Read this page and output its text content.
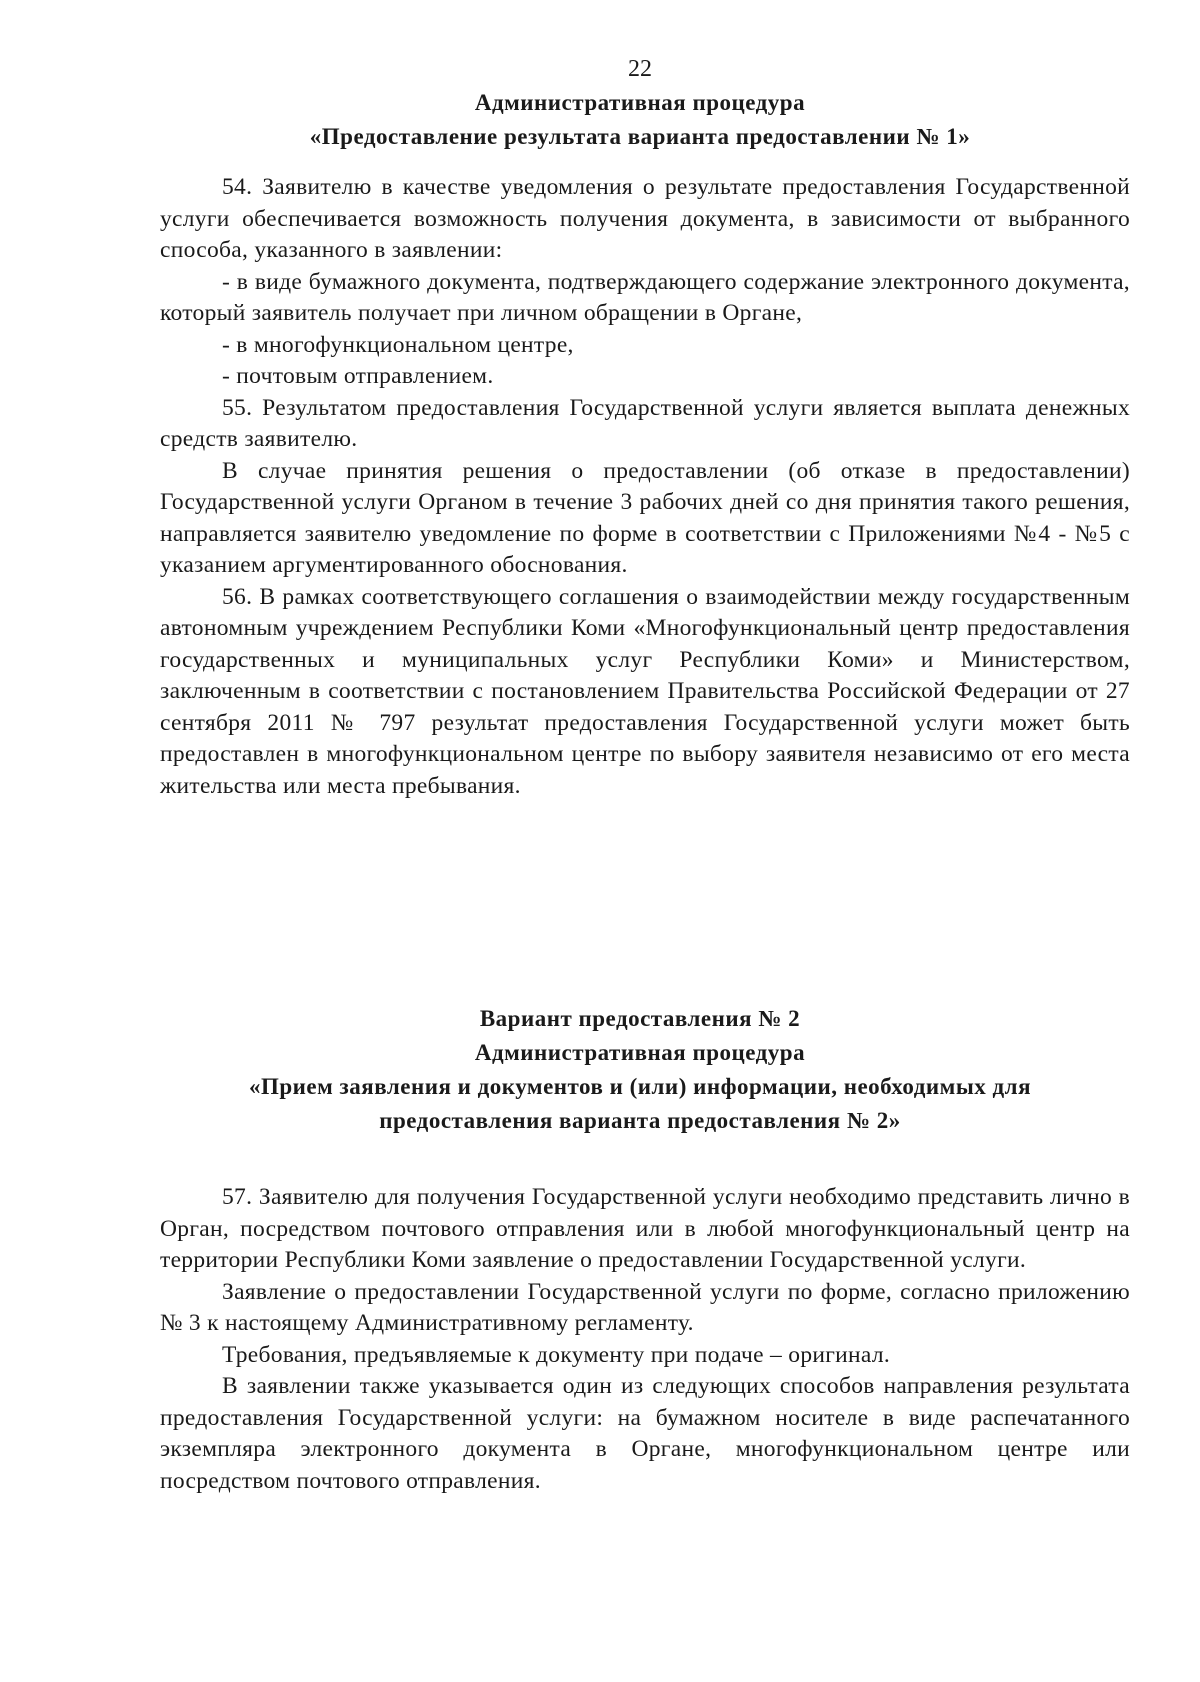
22
Административная процедура
«Предоставление результата варианта предоставлении № 1»

54. Заявителю в качестве уведомления о результате предоставления Государственной услуги обеспечивается возможность получения документа, в зависимости от выбранного способа, указанного в заявлении:

- в виде бумажного документа, подтверждающего содержание электронного документа, который заявитель получает при личном обращении в Органе,

- в многофункциональном центре,

- почтовым отправлением.

55. Результатом предоставления Государственной услуги является выплата денежных средств заявителю.

В случае принятия решения о предоставлении (об отказе в предоставлении) Государственной услуги Органом в течение 3 рабочих дней со дня принятия такого решения, направляется заявителю уведомление по форме в соответствии с Приложениями №4 - №5 с указанием аргументированного обоснования.

56. В рамках соответствующего соглашения о взаимодействии между государственным автономным учреждением Республики Коми «Многофункциональный центр предоставления государственных и муниципальных услуг Республики Коми» и Министерством, заключенным в соответствии с постановлением Правительства Российской Федерации от 27 сентября 2011 № 797 результат предоставления Государственной услуги может быть предоставлен в многофункциональном центре по выбору заявителя независимо от его места жительства или места пребывания.

Вариант предоставления № 2
Административная процедура
«Прием заявления и документов и (или) информации, необходимых для
предоставления варианта предоставления № 2»

57. Заявителю для получения Государственной услуги необходимо представить лично в Орган, посредством почтового отправления или в любой многофункциональный центр на территории Республики Коми заявление о предоставлении Государственной услуги.

Заявление о предоставлении Государственной услуги по форме, согласно приложению № 3 к настоящему Административному регламенту.

Требования, предъявляемые к документу при подаче – оригинал.

В заявлении также указывается один из следующих способов направления результата предоставления Государственной услуги: на бумажном носителе в виде распечатанного экземпляра электронного документа в Органе, многофункциональном центре или посредством почтового отправления.
